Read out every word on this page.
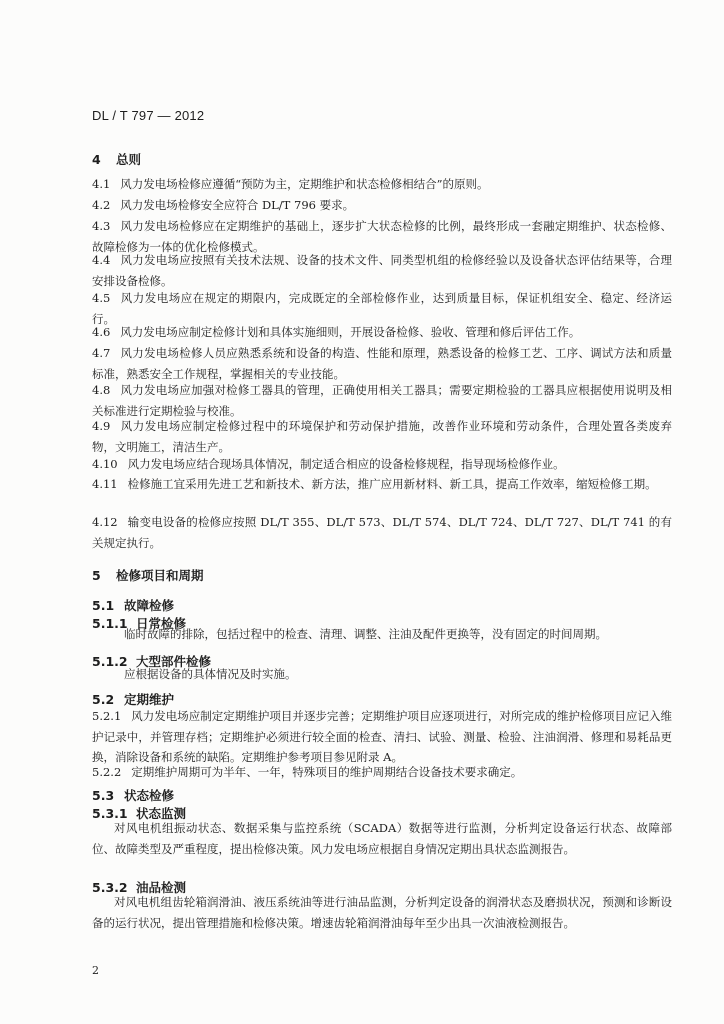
DL / T 797 — 2012
4 总则
4.1 风力发电场检修应遵循“预防为主，定期维护和状态检修相结合”的原则。
4.2 风力发电场检修安全应符合 DL/T 796 要求。
4.3 风力发电场检修应在定期维护的基础上，逐步扩大状态检修的比例，最终形成一套融定期维护、状态检修、故障检修为一体的优化检修模式。
4.4 风力发电场应按照有关技术法规、设备的技术文件、同类型机组的检修经验以及设备状态评估结果等，合理安排设备检修。
4.5 风力发电场应在规定的期限内，完成既定的全部检修作业，达到质量目标，保证机组安全、稳定、经济运行。
4.6 风力发电场应制定检修计划和具体实施细则，开展设备检修、验收、管理和修后评估工作。
4.7 风力发电场检修人员应熟悉系统和设备的构造、性能和原理，熟悉设备的检修工艺、工序、调试方法和质量标准，熟悉安全工作规程，掌握相关的专业技能。
4.8 风力发电场应加强对检修工器具的管理，正确使用相关工器具；需要定期检验的工器具应根据使用说明及相关标准进行定期检验与校准。
4.9 风力发电场应制定检修过程中的环境保护和劳动保护措施，改善作业环境和劳动条件，合理处置各类废弃物，文明施工，清洁生产。
4.10 风力发电场应结合现场具体情况，制定适合相应的设备检修规程，指导现场检修作业。
4.11 检修施工宜采用先进工艺和新技术、新方法，推广应用新材料、新工具，提高工作效率，缩短检修工期。
4.12 输变电设备的检修应按照 DL/T 355、DL/T 573、DL/T 574、DL/T 724、DL/T 727、DL/T 741 的有关规定执行。
5 检修项目和周期
5.1 故障检修
5.1.1 日常检修
临时故障的排除，包括过程中的检查、清理、调整、注油及配件更换等，没有固定的时间周期。
5.1.2 大型部件检修
应根据设备的具体情况及时实施。
5.2 定期维护
5.2.1 风力发电场应制定定期维护项目并逐步完善；定期维护项目应逐项进行，对所完成的维护检修项目应记入维护记录中，并管理存档；定期维护必须进行较全面的检查、清扫、试验、测量、检验、注油润滑、修理和易耗品更换，消除设备和系统的缺陷。定期维护参考项目参见附录 A。
5.2.2 定期维护周期可为半年、一年，特殊项目的维护周期结合设备技术要求确定。
5.3 状态检修
5.3.1 状态监测
对风电机组振动状态、数据采集与监控系统（SCADA）数据等进行监测，分析判定设备运行状态、故障部位、故障类型及严重程度，提出检修决策。风力发电场应根据自身情况定期出具状态监测报告。
5.3.2 油品检测
对风电机组齿轮箱润滑油、液压系统油等进行油品监测，分析判定设备的润滑状态及磨损状况，预测和诊断设备的运行状况，提出管理措施和检修决策。增速齿轮箱润滑油每年至少出具一次油液检测报告。
2
